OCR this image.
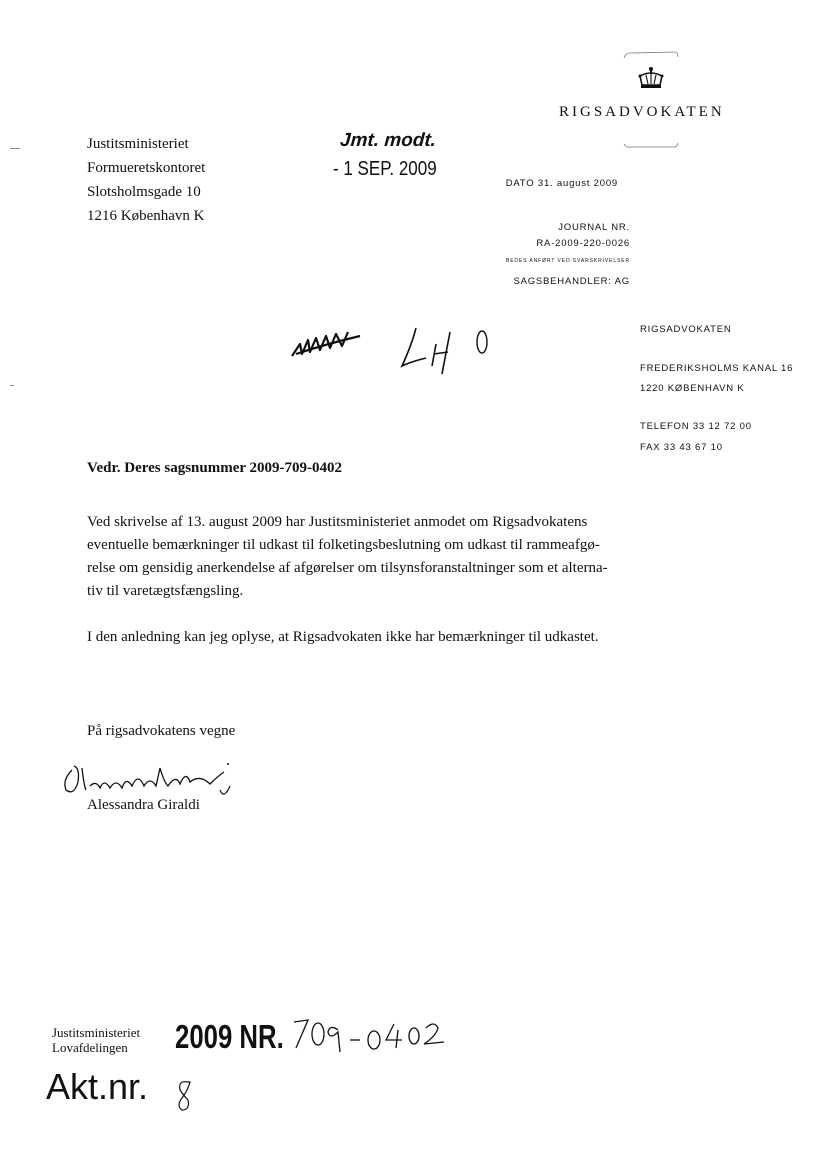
RIGSADVOKATEN
Justitsministeriet
Formueretskontoret
Slotsholmsgade 10
1216 København K
Jmt. modt.
- 1 SEP. 2009
DATO 31. august 2009
JOURNAL NR.
RA-2009-220-0026
BEDES ANFØRT VED SVARSKRIVELSER
SAGSBEHANDLER: AG
RIGSADVOKATEN
FREDERIKSHOLMS KANAL 16
1220 KØBENHAVN K
TELEFON 33 12 72 00
FAX 33 43 67 10
Vedr. Deres sagsnummer 2009-709-0402
Ved skrivelse af 13. august 2009 har Justitsministeriet anmodet om Rigsadvokatens
eventuelle bemærkninger til udkast til folketingsbeslutning om udkast til rammeafgø-
relse om gensidig anerkendelse af afgørelser om tilsynsforanstaltninger som et alterna-
tiv til varetægtsfængsling.
I den anledning kan jeg oplyse, at Rigsadvokaten ikke har bemærkninger til udkastet.
På rigsadvokatens vegne
Alessandra Giraldi
Justitsministeriet
Lovafdelingen 2009 NR.
Akt.nr.
